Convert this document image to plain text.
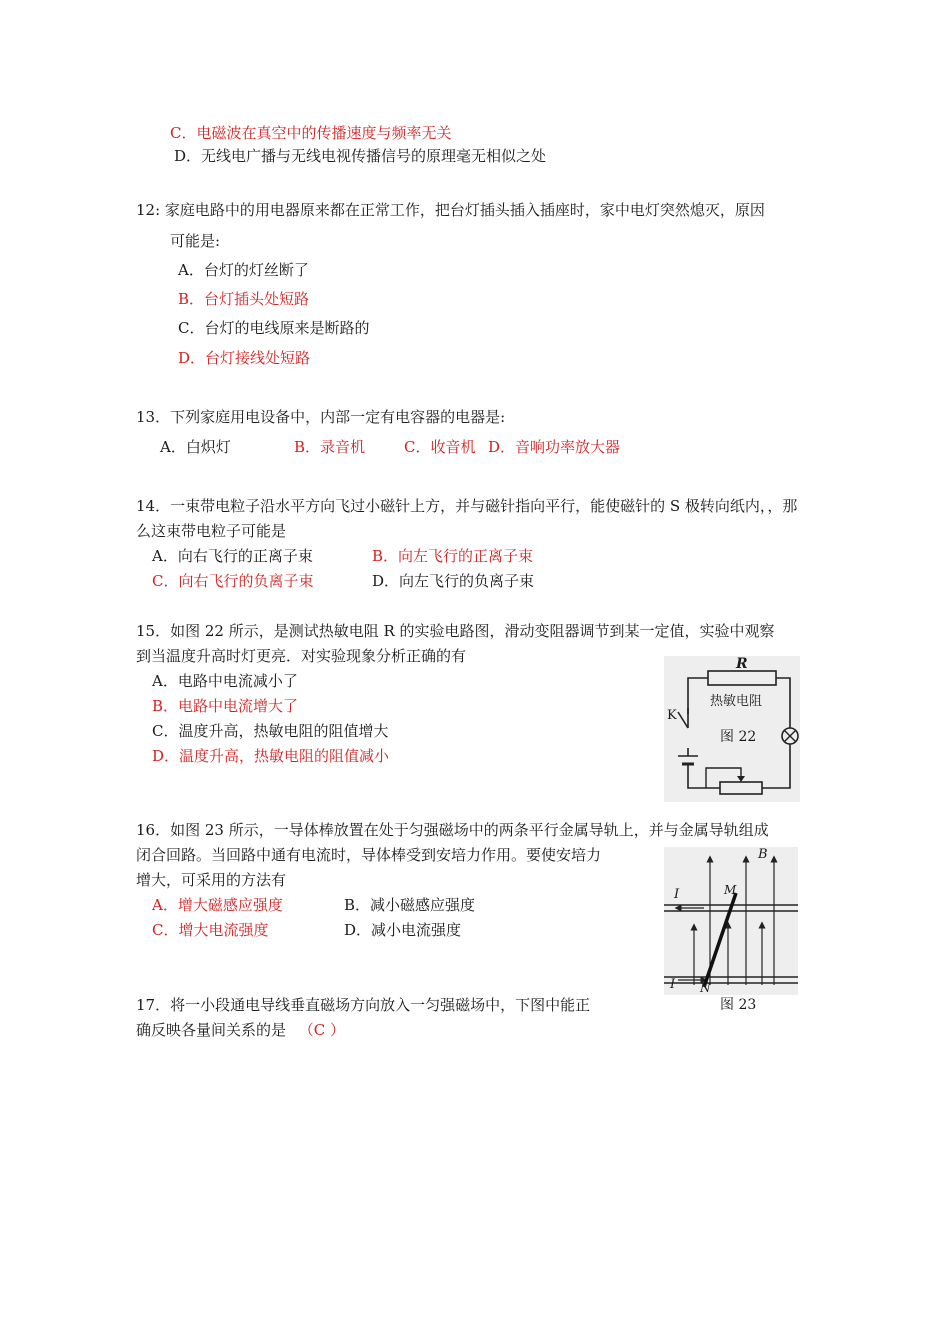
C．电磁波在真空中的传播速度与频率无关
D．无线电广播与无线电视传播信号的原理毫无相似之处
12: 家庭电路中的用电器原来都在正常工作，把台灯插头插入插座时，家中电灯突然熄灭，原因
可能是:
A．台灯的灯丝断了
B．台灯插头处短路
C．台灯的电线原来是断路的
D．台灯接线处短路
13．下列家庭用电设备中，内部一定有电容器的电器是:
A．白炽灯	B．录音机	C．收音机 D．音响功率放大器
14．一束带电粒子沿水平方向飞过小磁针上方，并与磁针指向平行，能使磁针的 S 极转向纸内，，那
么这束带电粒子可能是
A．向右飞行的正离子束	B．向左飞行的正离子束
C．向右飞行的负离子束	D．向左飞行的负离子束
15．如图 22 所示，是测试热敏电阻 R 的实验电路图，滑动变阻器调节到某一定值，实验中观察
到当温度升高时灯更亮．对实验现象分析正确的有
A．电路中电流减小了
B．电路中电流增大了
C．温度升高，热敏电阻的阻值增大
D．温度升高，热敏电阻的阻值减小
R
热敏电阻
K
图 22
16．如图 23 所示，一导体棒放置在处于匀强磁场中的两条平行金属导轨上，并与金属导轨组成
闭合回路。当回路中通有电流时，导体棒受到安培力作用。要使安培力
增大，可采用的方法有
A．增大磁感应强度	B．减小磁感应强度
C．增大电流强度	D．减小电流强度
B
I	M
I N
图 23
17．将一小段通电导线垂直磁场方向放入一匀强磁场中，下图中能正
确反映各量间关系的是 （C ）
